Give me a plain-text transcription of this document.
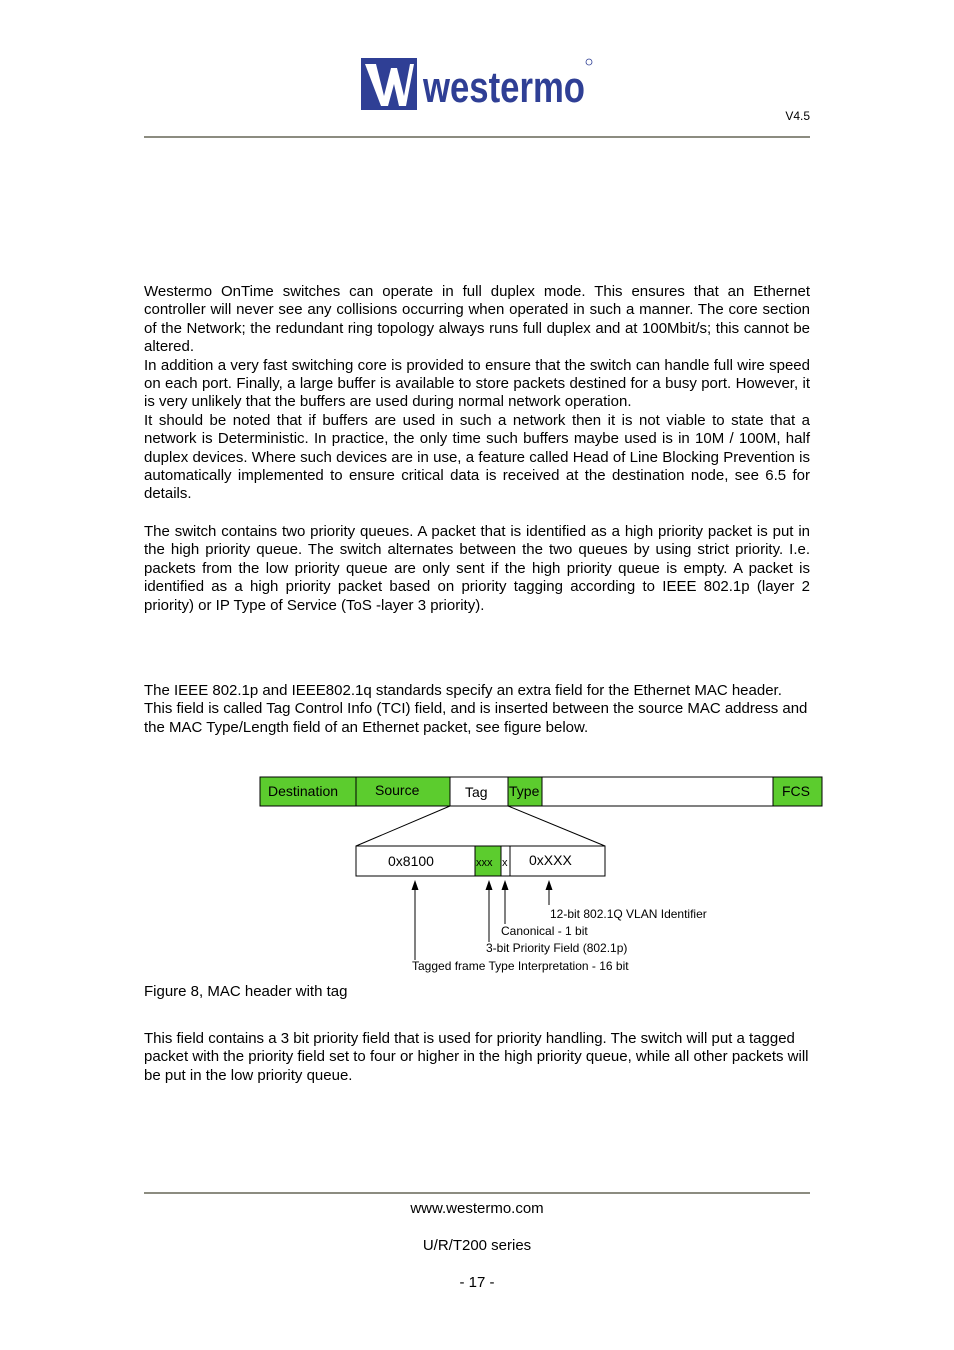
westermo
V4.5

Westermo OnTime switches can operate in full duplex mode. This ensures that an Ethernet controller will never see any collisions occurring when operated in such a manner. The core section of the Network; the redundant ring topology always runs full duplex and at 100Mbit/s; this cannot be altered.

In addition a very fast switching core is provided to ensure that the switch can handle full wire speed on each port. Finally, a large buffer is available to store packets destined for a busy port. However, it is very unlikely that the buffers are used during normal network operation.

It should be noted that if buffers are used in such a network then it is not viable to state that a network is Deterministic. In practice, the only time such buffers maybe used is in 10M / 100M, half duplex devices. Where such devices are in use, a feature called Head of Line Blocking Prevention is automatically implemented to ensure critical data is received at the destination node, see 6.5 for details.

The switch contains two priority queues. A packet that is identified as a high priority packet is put in the high priority queue. The switch alternates between the two queues by using strict priority. I.e. packets from the low priority queue are only sent if the high priority queue is empty. A packet is identified as a high priority packet based on priority tagging according to IEEE 802.1p (layer 2 priority) or IP Type of Service (ToS -layer 3 priority).

The IEEE 802.1p and IEEE802.1q standards specify an extra field for the Ethernet MAC header. This field is called Tag Control Info (TCI) field, and is inserted between the source MAC address and the MAC Type/Length field of an Ethernet packet, see figure below.

Destination	Source	Tag Type	FCS
0x8100	xxx x 0xXXX
12-bit 802.1Q VLAN Identifier
Canonical - 1 bit
3-bit Priority Field (802.1p)
Tagged frame Type Interpretation - 16 bit
Figure 8, MAC header with tag

This field contains a 3 bit priority field that is used for priority handling. The switch will put a tagged packet with the priority field set to four or higher in the high priority queue, while all other packets will be put in the low priority queue.

www.westermo.com
U/R/T200 series
- 17 -
